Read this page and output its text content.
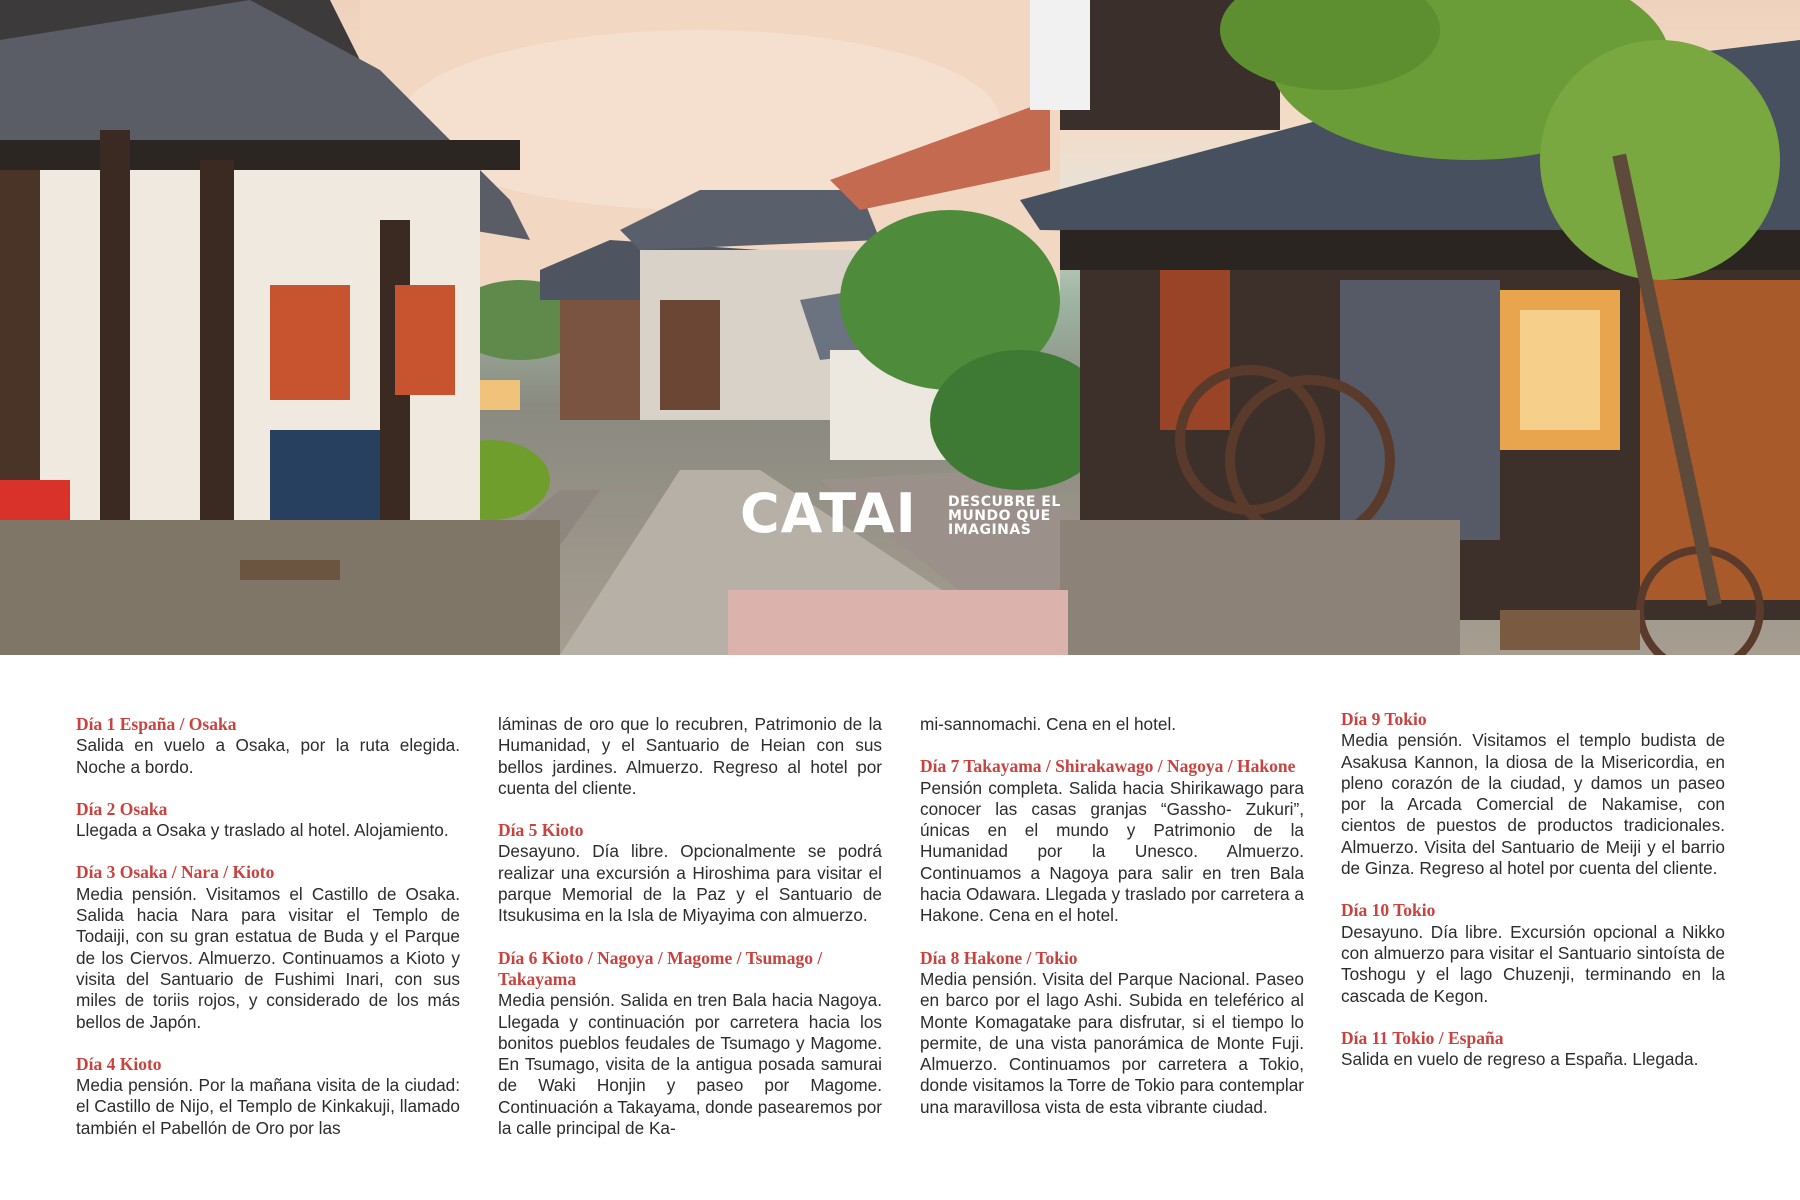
CATAI DESCUBRE EL MUNDO QUE IMAGINAS
Día 1 España / Osaka
Salida en vuelo a Osaka, por la ruta elegida. Noche a bordo.
Día 2 Osaka
Llegada a Osaka y traslado al hotel. Alojamiento.
Día 3 Osaka / Nara / Kioto
Media pensión. Visitamos el Castillo de Osaka. Salida hacia Nara para visitar el Templo de Todaiji, con su gran estatua de Buda y el Parque de los Ciervos. Almuerzo. Continuamos a Kioto y visita del Santuario de Fushimi Inari, con sus miles de toriis rojos, y considerado de los más bellos de Japón.
Día 4 Kioto
Media pensión. Por la mañana visita de la ciudad: el Castillo de Nijo, el Templo de Kinkakuji, llamado también el Pabellón de Oro por las
láminas de oro que lo recubren, Patrimonio de la Humanidad, y el Santuario de Heian con sus bellos jardines. Almuerzo. Regreso al hotel por cuenta del cliente.
Día 5 Kioto
Desayuno. Día libre. Opcionalmente se podrá realizar una excursión a Hiroshima para visitar el parque Memorial de la Paz y el Santuario de Itsukusima en la Isla de Miyayima con almuerzo.
Día 6 Kioto / Nagoya / Magome / Tsumago / Takayama
Media pensión. Salida en tren Bala hacia Nagoya. Llegada y continuación por carretera hacia los bonitos pueblos feudales de Tsumago y Magome. En Tsumago, visita de la antigua posada samurai de Waki Honjin y paseo por Magome. Continuación a Takayama, donde pasearemos por la calle principal de Ka-
mi-sannomachi. Cena en el hotel.
Día 7 Takayama / Shirakawago / Nagoya / Hakone
Pensión completa. Salida hacia Shirikawago para conocer las casas granjas “Gassho- Zukuri”, únicas en el mundo y Patrimonio de la Humanidad por la Unesco. Almuerzo. Continuamos a Nagoya para salir en tren Bala hacia Odawara. Llegada y traslado por carretera a Hakone. Cena en el hotel.
Día 8 Hakone / Tokio
Media pensión. Visita del Parque Nacional. Paseo en barco por el lago Ashi. Subida en teleférico al Monte Komagatake para disfrutar, si el tiempo lo permite, de una vista panorámica de Monte Fuji. Almuerzo. Continuamos por carretera a Tokio, donde visitamos la Torre de Tokio para contemplar una maravillosa vista de esta vibrante ciudad.
Día 9 Tokio
Media pensión. Visitamos el templo budista de Asakusa Kannon, la diosa de la Misericordia, en pleno corazón de la ciudad, y damos un paseo por la Arcada Comercial de Nakamise, con cientos de puestos de productos tradicionales. Almuerzo. Visita del Santuario de Meiji y el barrio de Ginza. Regreso al hotel por cuenta del cliente.
Día 10 Tokio
Desayuno. Día libre. Excursión opcional a Nikko con almuerzo para visitar el Santuario sintoísta de Toshogu y el lago Chuzenji, terminando en la cascada de Kegon.
Día 11 Tokio / España
Salida en vuelo de regreso a España. Llegada.
